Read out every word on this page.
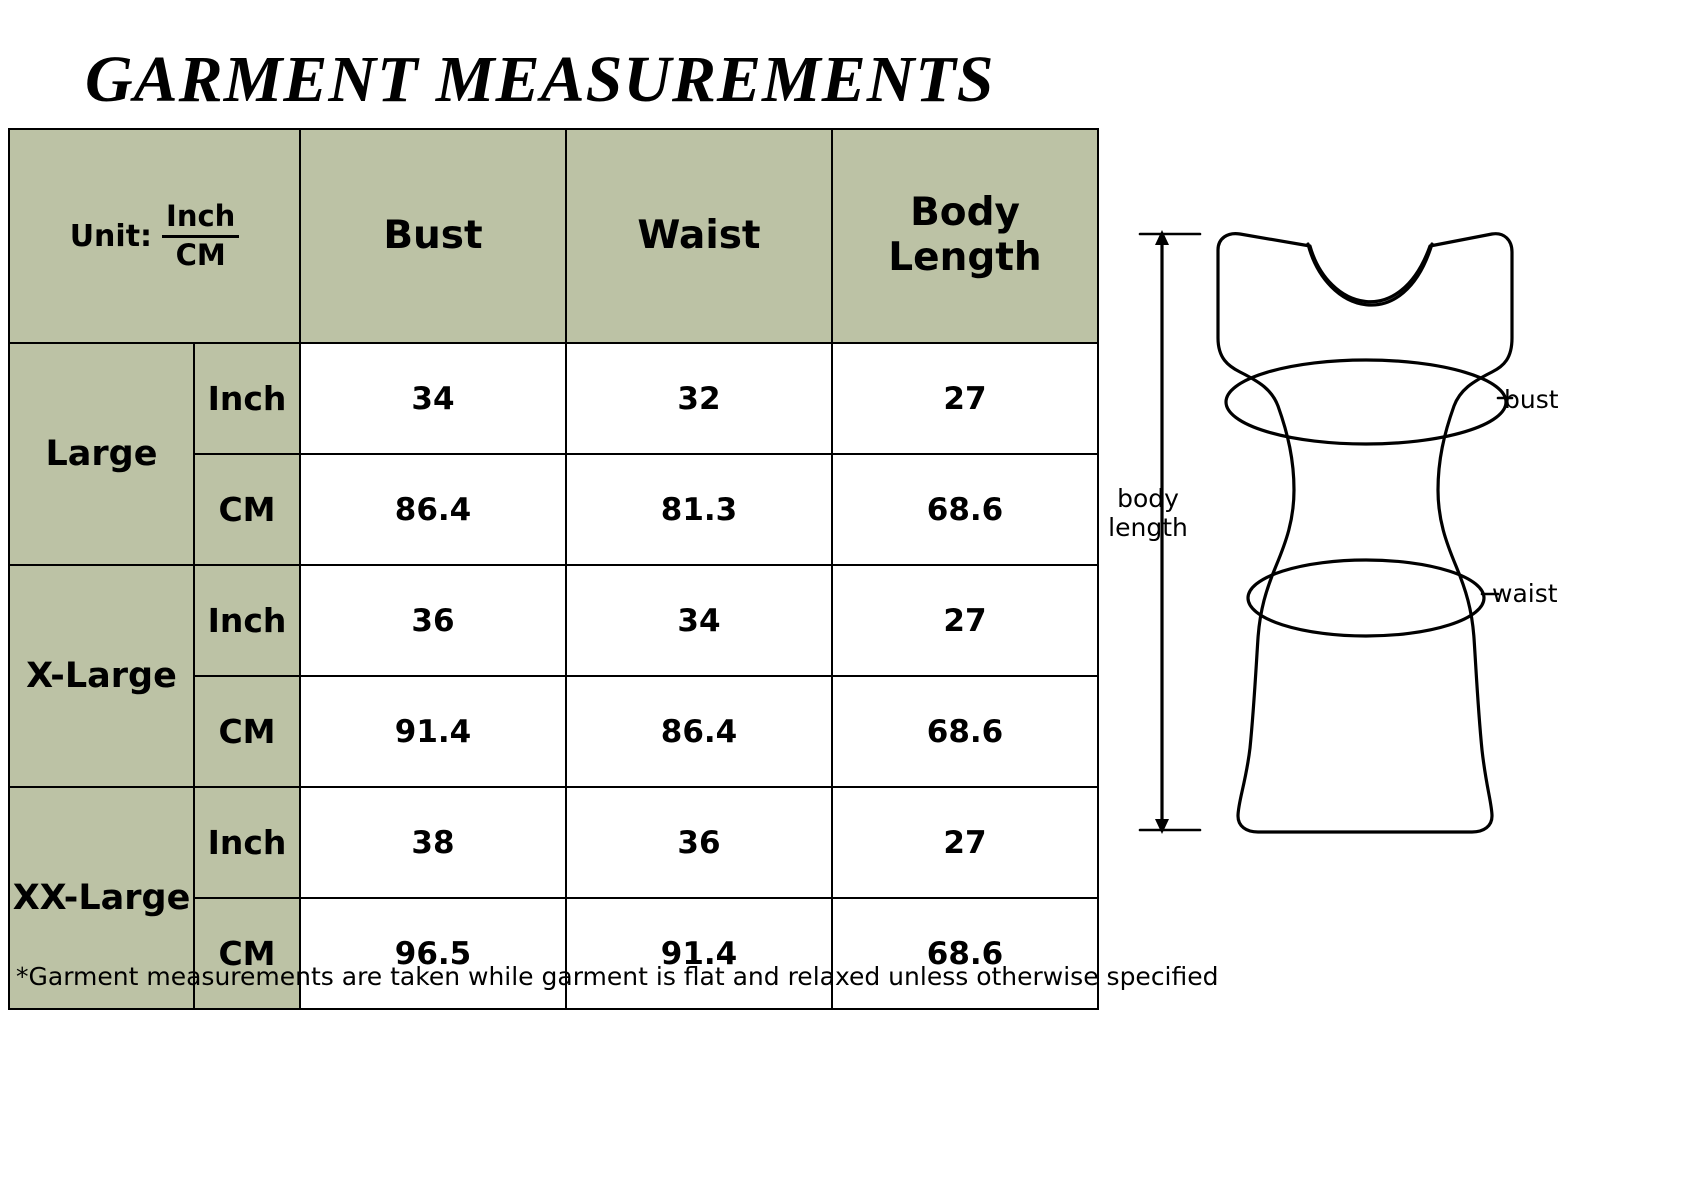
GARMENT MEASUREMENTS
Unit: $\frac{\text{Inch}}{CM}$		Bust	Waist	Body Length
Large	Inch	34	32	27
	CM	86.4	81.3	68.6
X-Large	Inch	36	34	27
	CM	91.4	86.4	68.6
XX-Large	Inch	38	36	27
	CM	96.5	91.4	68.6
*Garment measurements are taken while garment is flat and relaxed unless otherwise specified
bust
waist
body
length
